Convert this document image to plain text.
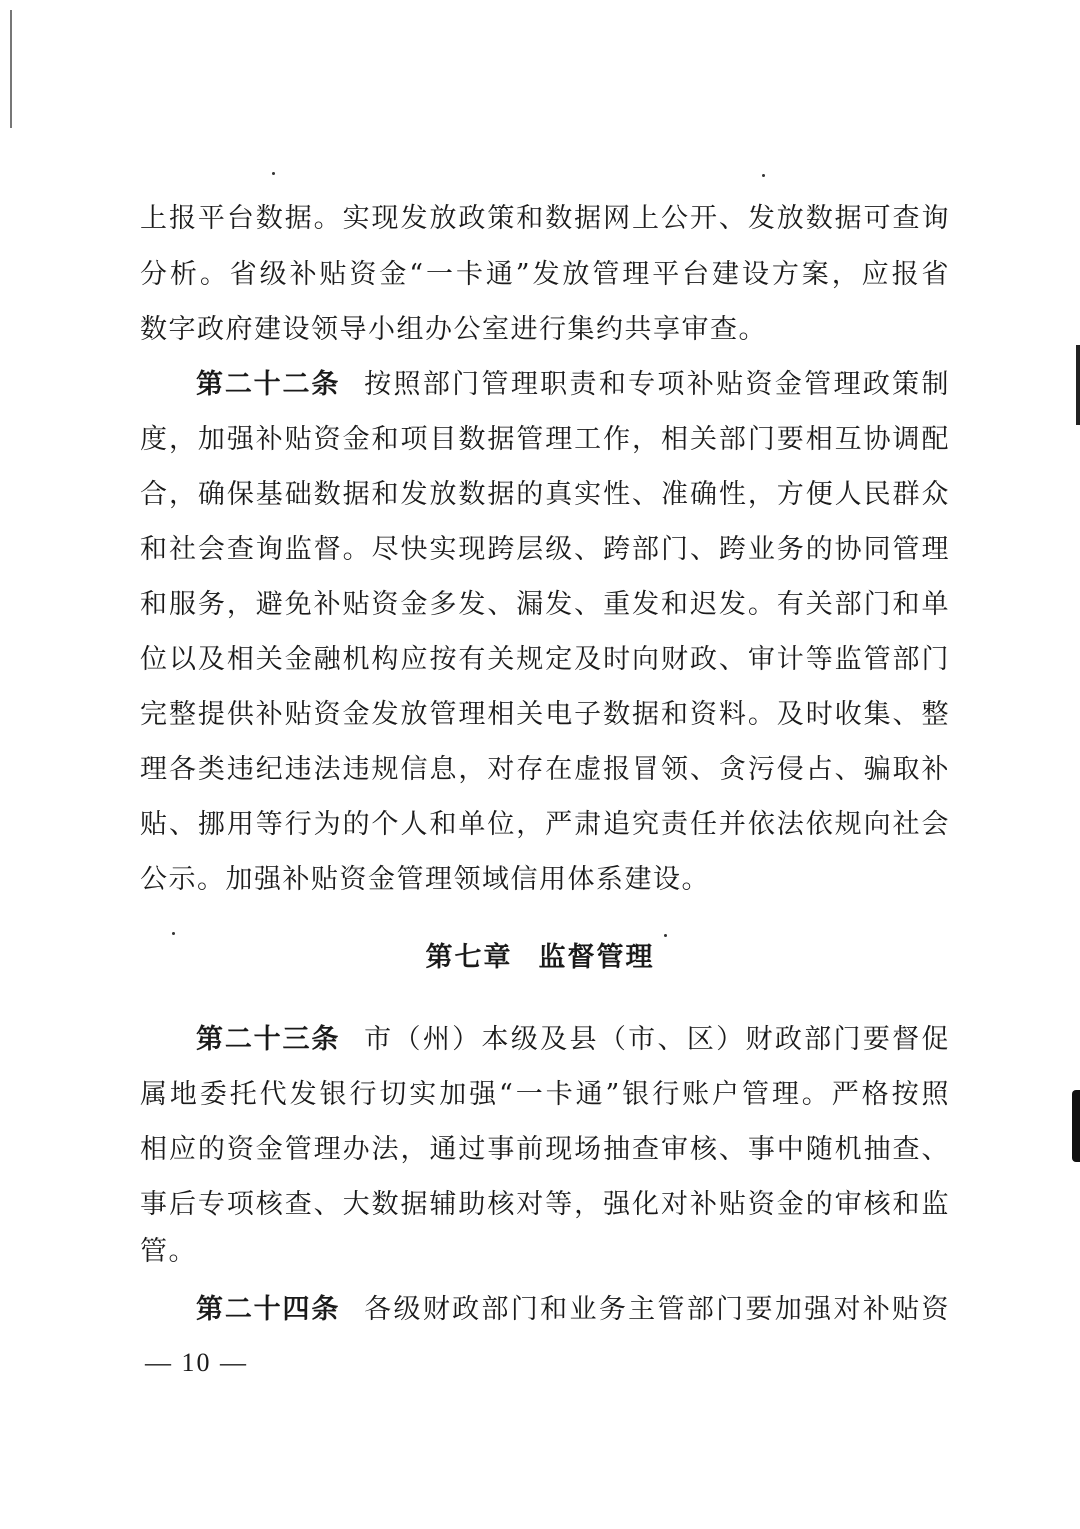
上报平台数据。实现发放政策和数据网上公开、发放数据可查询
分析。省级补贴资金“一卡通”发放管理平台建设方案，应报省
数字政府建设领导小组办公室进行集约共享审查。
第二十二条 按照部门管理职责和专项补贴资金管理政策制
度，加强补贴资金和项目数据管理工作，相关部门要相互协调配
合，确保基础数据和发放数据的真实性、准确性，方便人民群众
和社会查询监督。尽快实现跨层级、跨部门、跨业务的协同管理
和服务，避免补贴资金多发、漏发、重发和迟发。有关部门和单
位以及相关金融机构应按有关规定及时向财政、审计等监管部门
完整提供补贴资金发放管理相关电子数据和资料。及时收集、整
理各类违纪违法违规信息，对存在虚报冒领、贪污侵占、骗取补
贴、挪用等行为的个人和单位，严肃追究责任并依法依规向社会
公示。加强补贴资金管理领域信用体系建设。
第七章 监督管理
第二十三条 市（州）本级及县（市、区）财政部门要督促
属地委托代发银行切实加强“一卡通”银行账户管理。严格按照
相应的资金管理办法，通过事前现场抽查审核、事中随机抽查、
事后专项核查、大数据辅助核对等，强化对补贴资金的审核和监
管。
第二十四条 各级财政部门和业务主管部门要加强对补贴资
— 10 —
